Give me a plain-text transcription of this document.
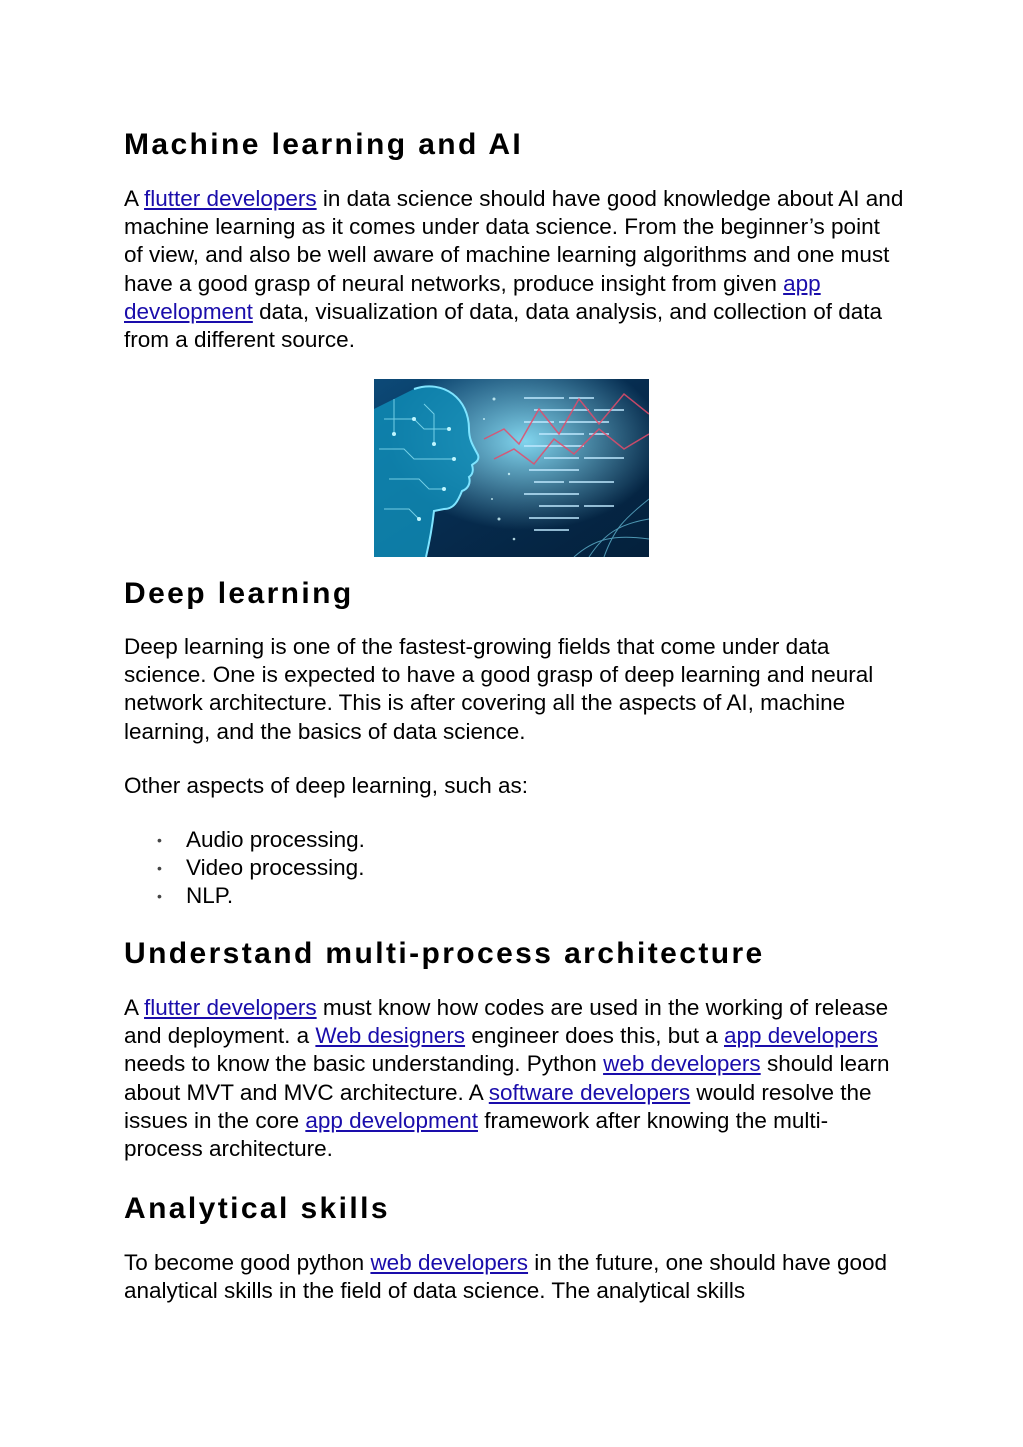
Machine learning and AI

A flutter developers in data science should have good knowledge about AI and machine learning as it comes under data science. From the beginner’s point of view, and also be well aware of machine learning algorithms and one must have a good grasp of neural networks, produce insight from given app development data, visualization of data, data analysis, and collection of data from a different source.

Deep learning

Deep learning is one of the fastest-growing fields that come under data science. One is expected to have a good grasp of deep learning and neural network architecture. This is after covering all the aspects of AI, machine learning, and the basics of data science.

Other aspects of deep learning, such as:

• Audio processing.
• Video processing.
• NLP.
Understand multi-process architecture

A flutter developers must know how codes are used in the working of release and deployment. a Web designers engineer does this, but a app developers needs to know the basic understanding. Python web developers should learn about MVT and MVC architecture. A software developers would resolve the issues in the core app development framework after knowing the multi-process architecture.

Analytical skills

To become good python web developers in the future, one should have good analytical skills in the field of data science. The analytical skills
